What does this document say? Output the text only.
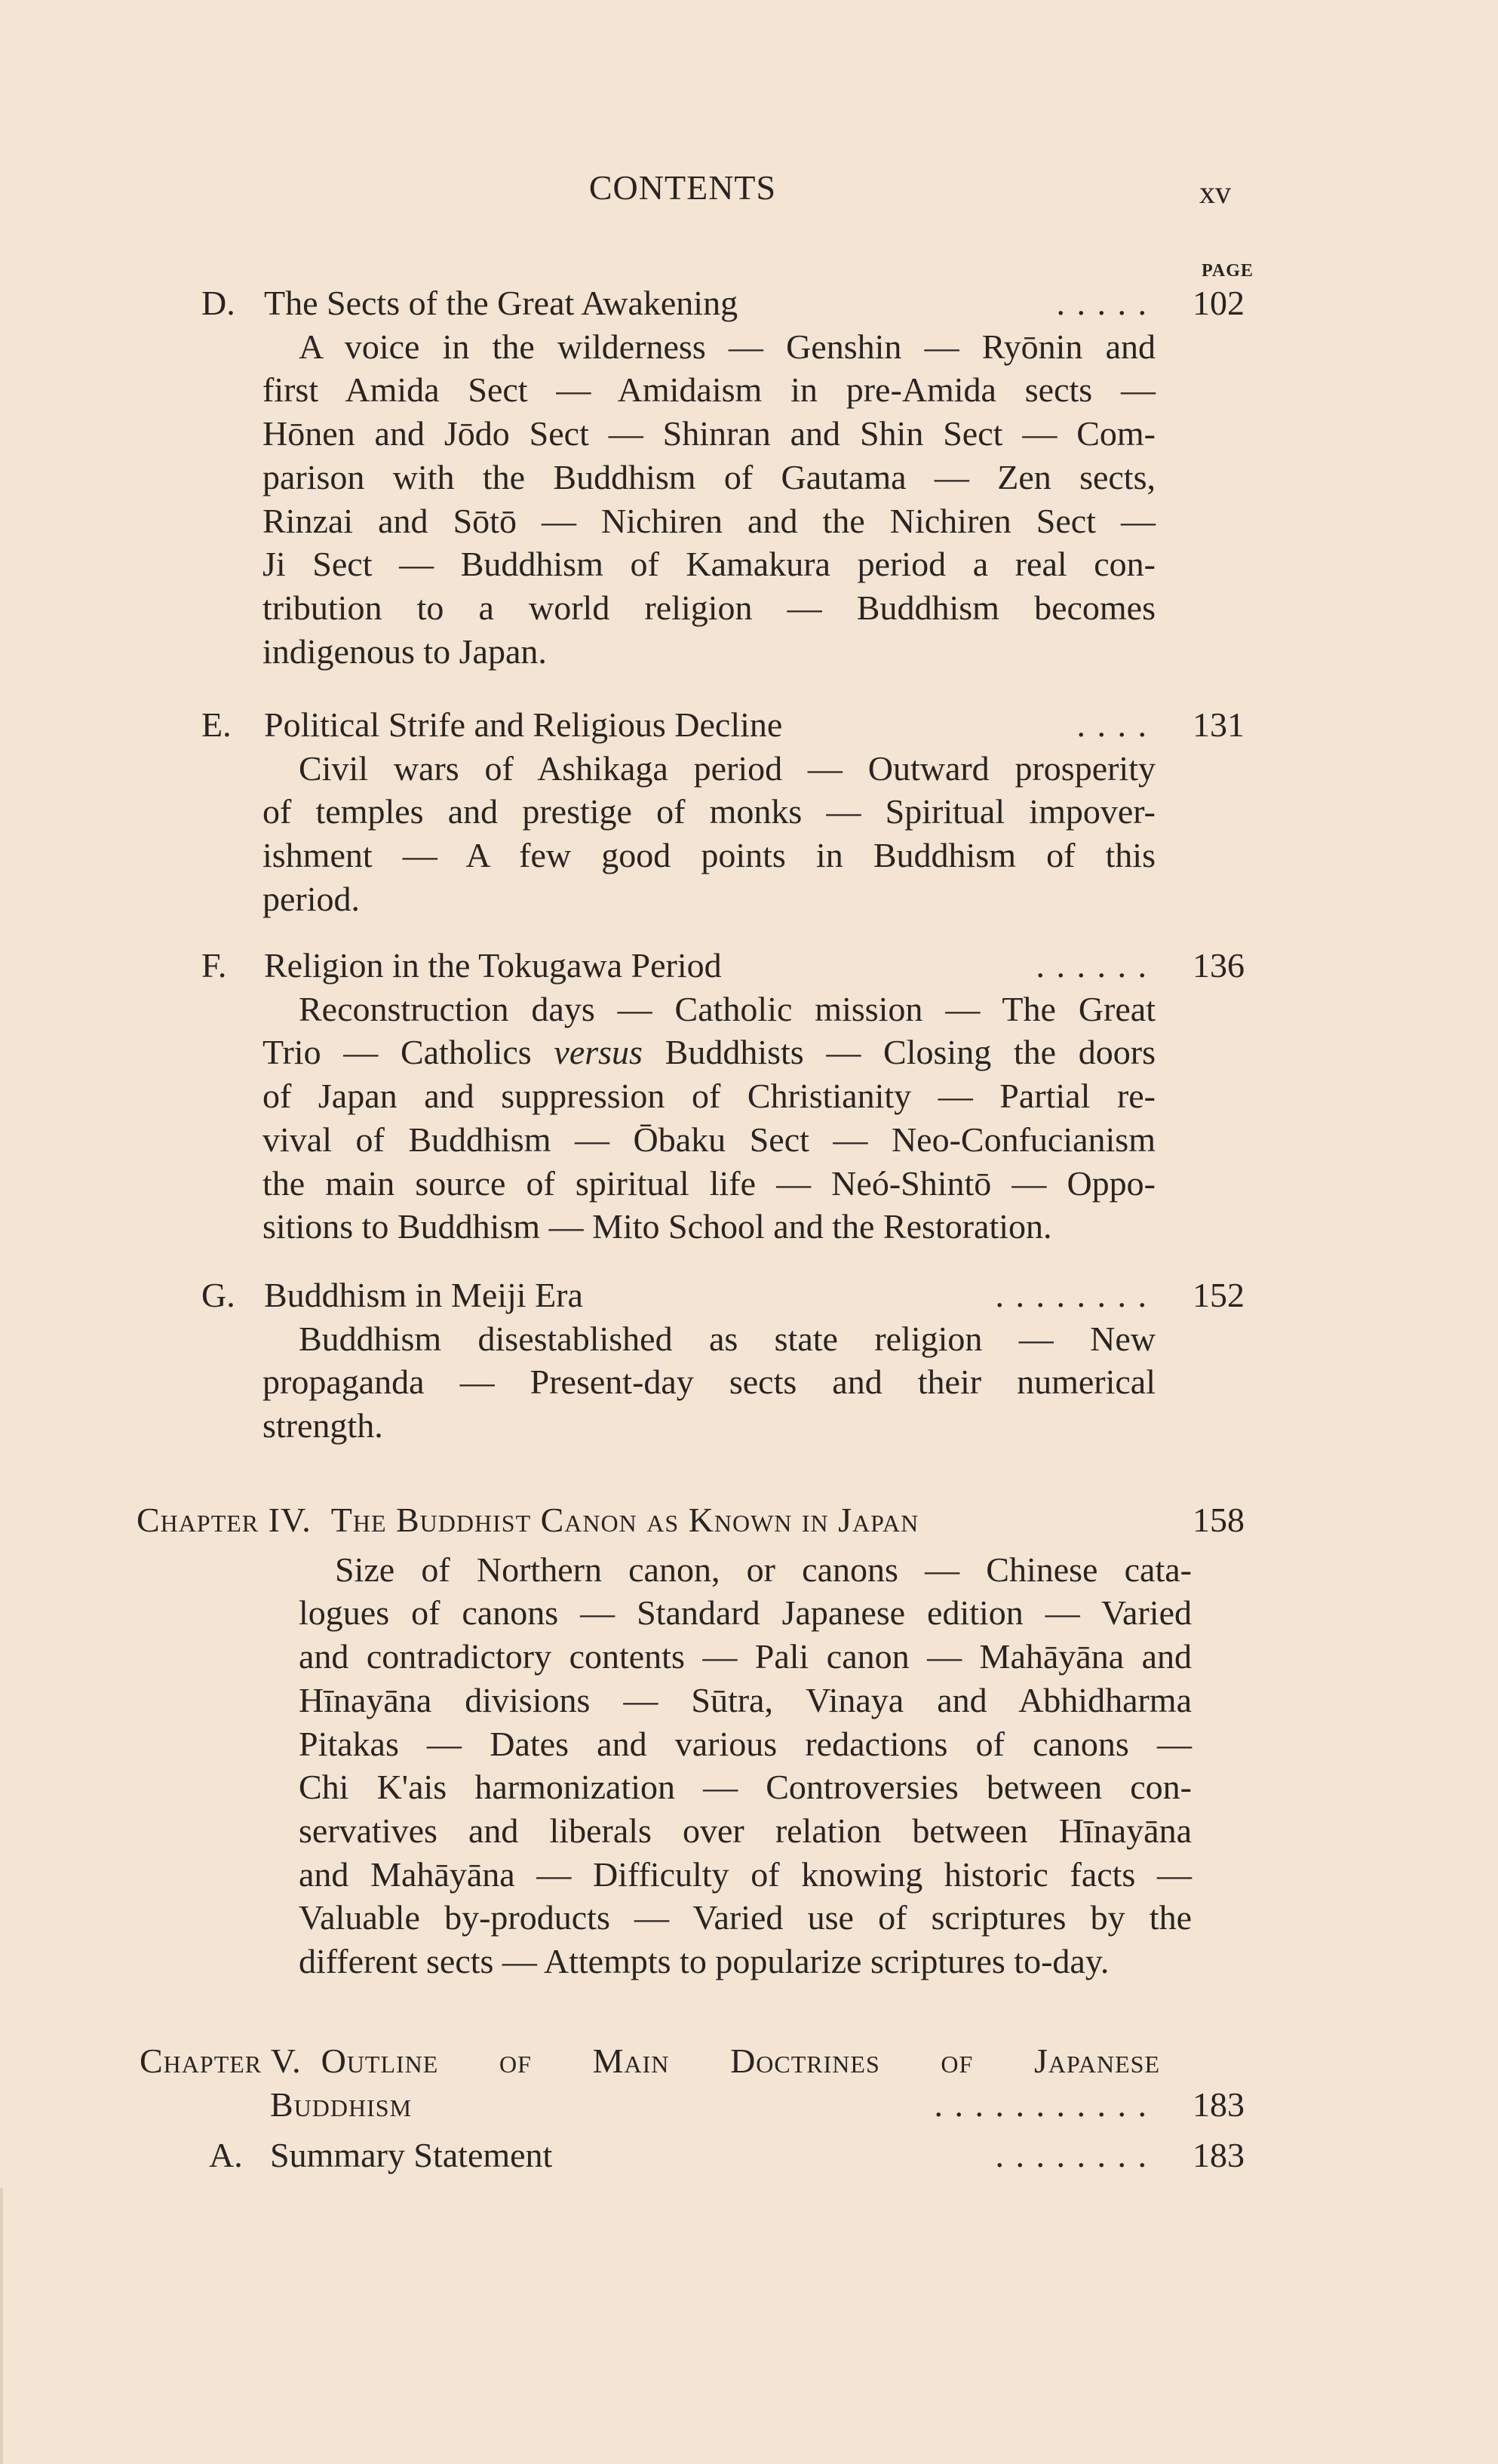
CONTENTS	xv
PAGE
D. The Sects of the Great Awakening	. . . . .	102
A voice in the wilderness — Genshin — Ryōnin and
first Amida Sect — Amidaism in pre-Amida sects —
Hōnen and Jōdo Sect — Shinran and Shin Sect — Com-
parison with the Buddhism of Gautama — Zen sects,
Rinzai and Sōtō — Nichiren and the Nichiren Sect —
Ji Sect — Buddhism of Kamakura period a real con-
tribution to a world religion — Buddhism becomes
indigenous to Japan.
E. Political Strife and Religious Decline	. . . .	131
Civil wars of Ashikaga period — Outward prosperity
of temples and prestige of monks — Spiritual impover-
ishment — A few good points in Buddhism of this
period.
F.	Religion in the Tokugawa Period	. . . . . .	136
Reconstruction days — Catholic mission — The Great
Trio — Catholics versus Buddhists — Closing the doors
of Japan and suppression of Christianity — Partial re-
vival of Buddhism — Ōbaku Sect — Neo-Confucianism
the main source of spiritual life — Neó-Shintō — Oppo-
sitions to Buddhism — Mito School and the Restoration.
G. Buddhism in Meiji Era	. . . . . . . .	152
Buddhism disestablished as state religion — New
propaganda — Present-day sects and their numerical
strength.
Chapter IV. The Buddhist Canon as Known in Japan	158
Size of Northern canon, or canons — Chinese cata-
logues of canons — Standard Japanese edition — Varied
and contradictory contents — Pali canon — Mahāyāna and
Hīnayāna divisions — Sūtra, Vinaya and Abhidharma
Pitakas — Dates and various redactions of canons —
Chi K'ais harmonization — Controversies between con-
servatives and liberals over relation between Hīnayāna
and Mahāyāna — Difficulty of knowing historic facts —
Valuable by-products — Varied use of scriptures by the
different sects — Attempts to popularize scriptures to-day.
Chapter V. Outline of Main Doctrines of Japanese
Buddhism	. . . . . . . . . . .	183
A. Summary Statement	. . . . . . . .	183
